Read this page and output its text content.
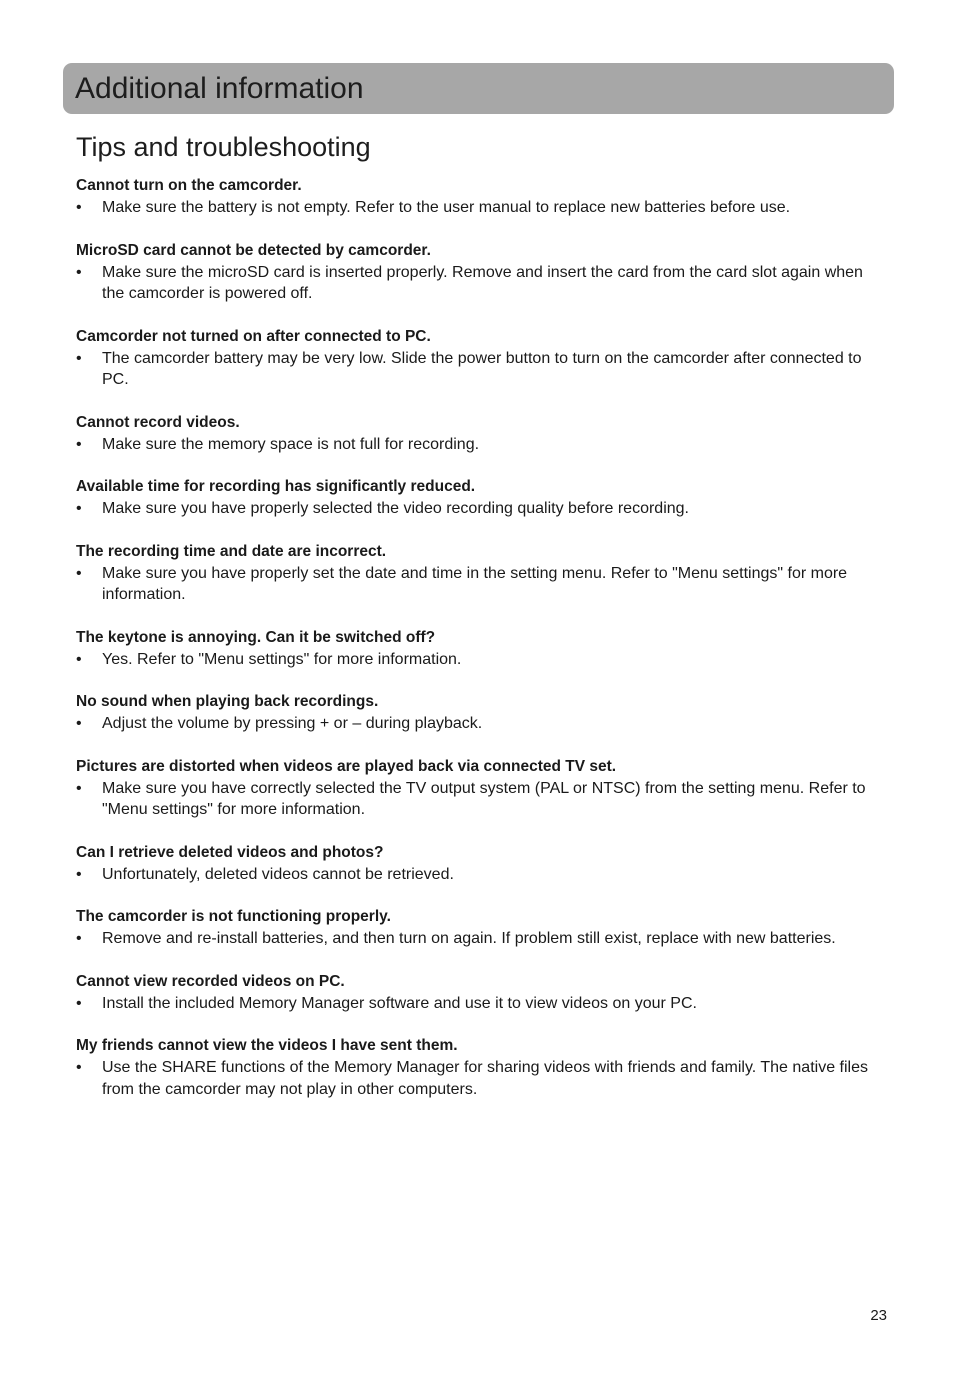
Additional information
Tips and troubleshooting
Cannot turn on the camcorder.
• Make sure the battery is not empty. Refer to the user manual to replace new batteries before use.
MicroSD card cannot be detected by camcorder.
• Make sure the microSD card is inserted properly. Remove and insert the card from the card slot again when the camcorder is powered off.
Camcorder not turned on after connected to PC.
• The camcorder battery may be very low. Slide the power button to turn on the camcorder after connected to PC.
Cannot record videos.
• Make sure the memory space is not full for recording.
Available time for recording has significantly reduced.
• Make sure you have properly selected the video recording quality before recording.
The recording time and date are incorrect.
• Make sure you have properly set the date and time in the setting menu. Refer to "Menu settings" for more information.
The keytone is annoying. Can it be switched off?
• Yes. Refer to "Menu settings" for more information.
No sound when playing back recordings.
• Adjust the volume by pressing + or – during playback.
Pictures are distorted when videos are played back via connected TV set.
• Make sure you have correctly selected the TV output system (PAL or NTSC) from the setting menu. Refer to "Menu settings" for more information.
Can I retrieve deleted videos and photos?
• Unfortunately, deleted videos cannot be retrieved.
The camcorder is not functioning properly.
• Remove and re-install batteries, and then turn on again. If problem still exist, replace with new batteries.
Cannot view recorded videos on PC.
• Install the included Memory Manager software and use it to view videos on your PC.
My friends cannot view the videos I have sent them.
• Use the SHARE functions of the Memory Manager for sharing videos with friends and family. The native files from the camcorder may not play in other computers.
23
